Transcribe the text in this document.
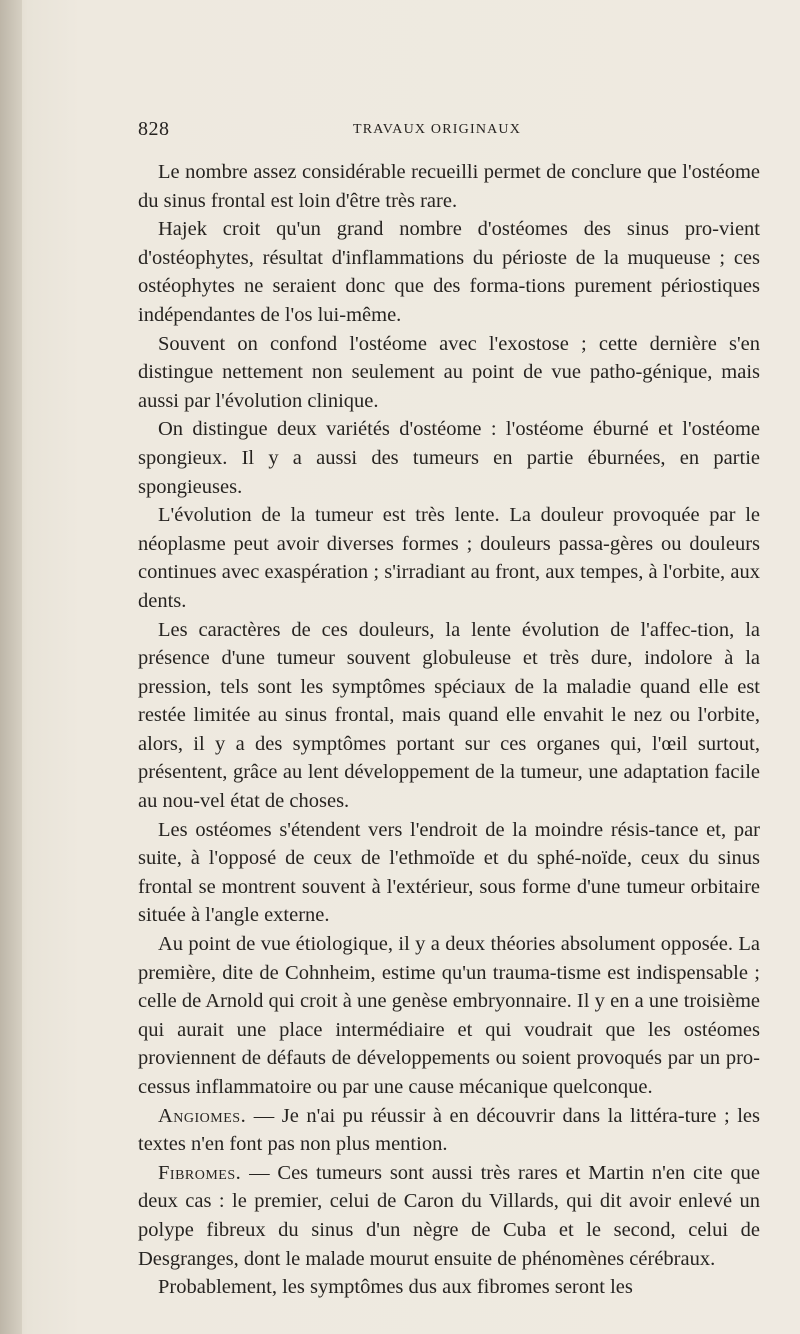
828	TRAVAUX ORIGINAUX

Le nombre assez considérable recueilli permet de conclure que l'ostéome du sinus frontal est loin d'être très rare.

Hajek croit qu'un grand nombre d'ostéomes des sinus pro-vient d'ostéophytes, résultat d'inflammations du périoste de la muqueuse ; ces ostéophytes ne seraient donc que des forma-tions purement périostiques indépendantes de l'os lui-même.

Souvent on confond l'ostéome avec l'exostose ; cette dernière s'en distingue nettement non seulement au point de vue patho-génique, mais aussi par l'évolution clinique.

On distingue deux variétés d'ostéome : l'ostéome éburné et l'ostéome spongieux. Il y a aussi des tumeurs en partie éburnées, en partie spongieuses.

L'évolution de la tumeur est très lente. La douleur provoquée par le néoplasme peut avoir diverses formes ; douleurs passa-gères ou douleurs continues avec exaspération ; s'irradiant au front, aux tempes, à l'orbite, aux dents.

Les caractères de ces douleurs, la lente évolution de l'affec-tion, la présence d'une tumeur souvent globuleuse et très dure, indolore à la pression, tels sont les symptômes spéciaux de la maladie quand elle est restée limitée au sinus frontal, mais quand elle envahit le nez ou l'orbite, alors, il y a des symptômes portant sur ces organes qui, l'œil surtout, présentent, grâce au lent développement de la tumeur, une adaptation facile au nou-vel état de choses.

Les ostéomes s'étendent vers l'endroit de la moindre résis-tance et, par suite, à l'opposé de ceux de l'ethmoïde et du sphé-noïde, ceux du sinus frontal se montrent souvent à l'extérieur, sous forme d'une tumeur orbitaire située à l'angle externe.

Au point de vue étiologique, il y a deux théories absolument opposée. La première, dite de Cohnheim, estime qu'un trauma-tisme est indispensable ; celle de Arnold qui croit à une genèse embryonnaire. Il y en a une troisième qui aurait une place intermédiaire et qui voudrait que les ostéomes proviennent de défauts de développements ou soient provoqués par un pro-cessus inflammatoire ou par une cause mécanique quelconque.

Angiomes. — Je n'ai pu réussir à en découvrir dans la littéra-ture ; les textes n'en font pas non plus mention.

Fibromes. — Ces tumeurs sont aussi très rares et Martin n'en cite que deux cas : le premier, celui de Caron du Villards, qui dit avoir enlevé un polype fibreux du sinus d'un nègre de Cuba et le second, celui de Desgranges, dont le malade mourut ensuite de phénomènes cérébraux.

Probablement, les symptômes dus aux fibromes seront les
